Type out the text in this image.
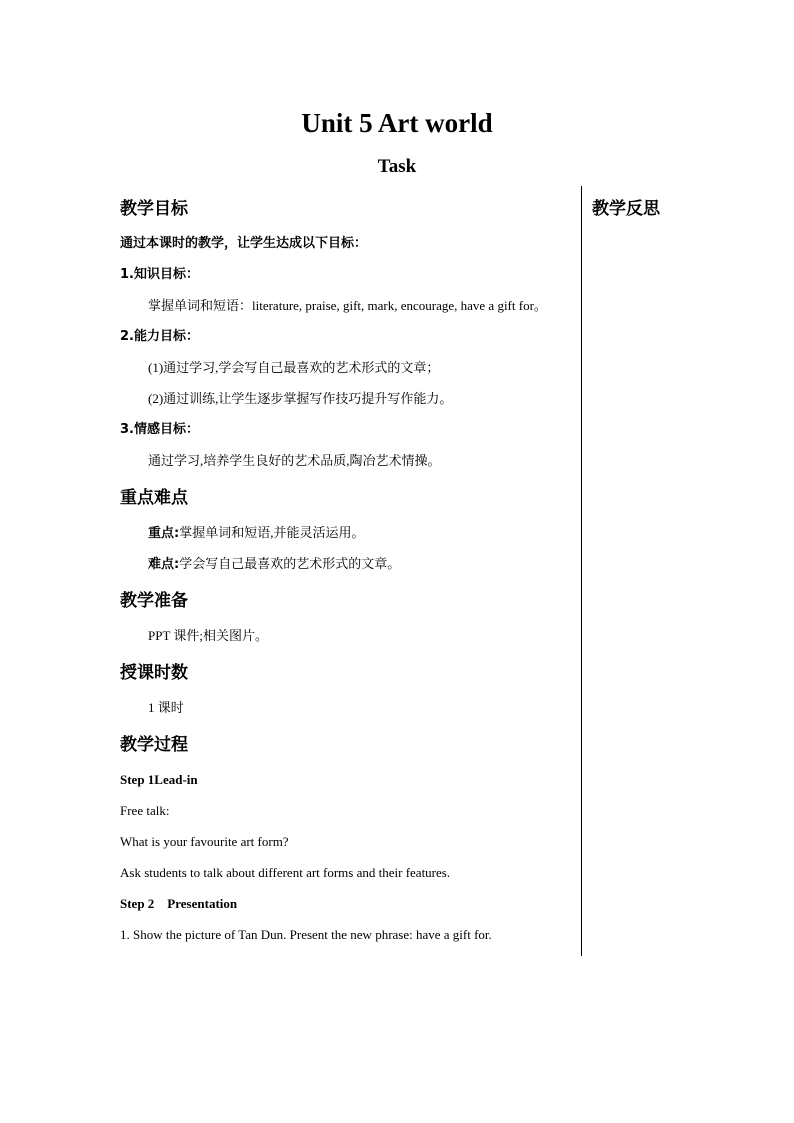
Unit 5 Art world
Task
教学目标
通过本课时的教学，让学生达成以下目标：
1.知识目标：
掌握单词和短语：literature, praise, gift, mark, encourage, have a gift for。
2.能力目标：
(1)通过学习,学会写自己最喜欢的艺术形式的文章；
(2)通过训练,让学生逐步掌握写作技巧提升写作能力。
3.情感目标：
通过学习,培养学生良好的艺术品质,陶冶艺术情操。
重点难点
重点:掌握单词和短语,并能灵活运用。
难点:学会写自己最喜欢的艺术形式的文章。
教学准备
PPT 课件;相关图片。
授课时数
1 课时
教学过程
Step 1Lead-in
Free talk:
What is your favourite art form?
Ask students to talk about different art forms and their features.
Step 2    Presentation
1. Show the picture of Tan Dun. Present the new phrase: have a gift for.
教学反思
